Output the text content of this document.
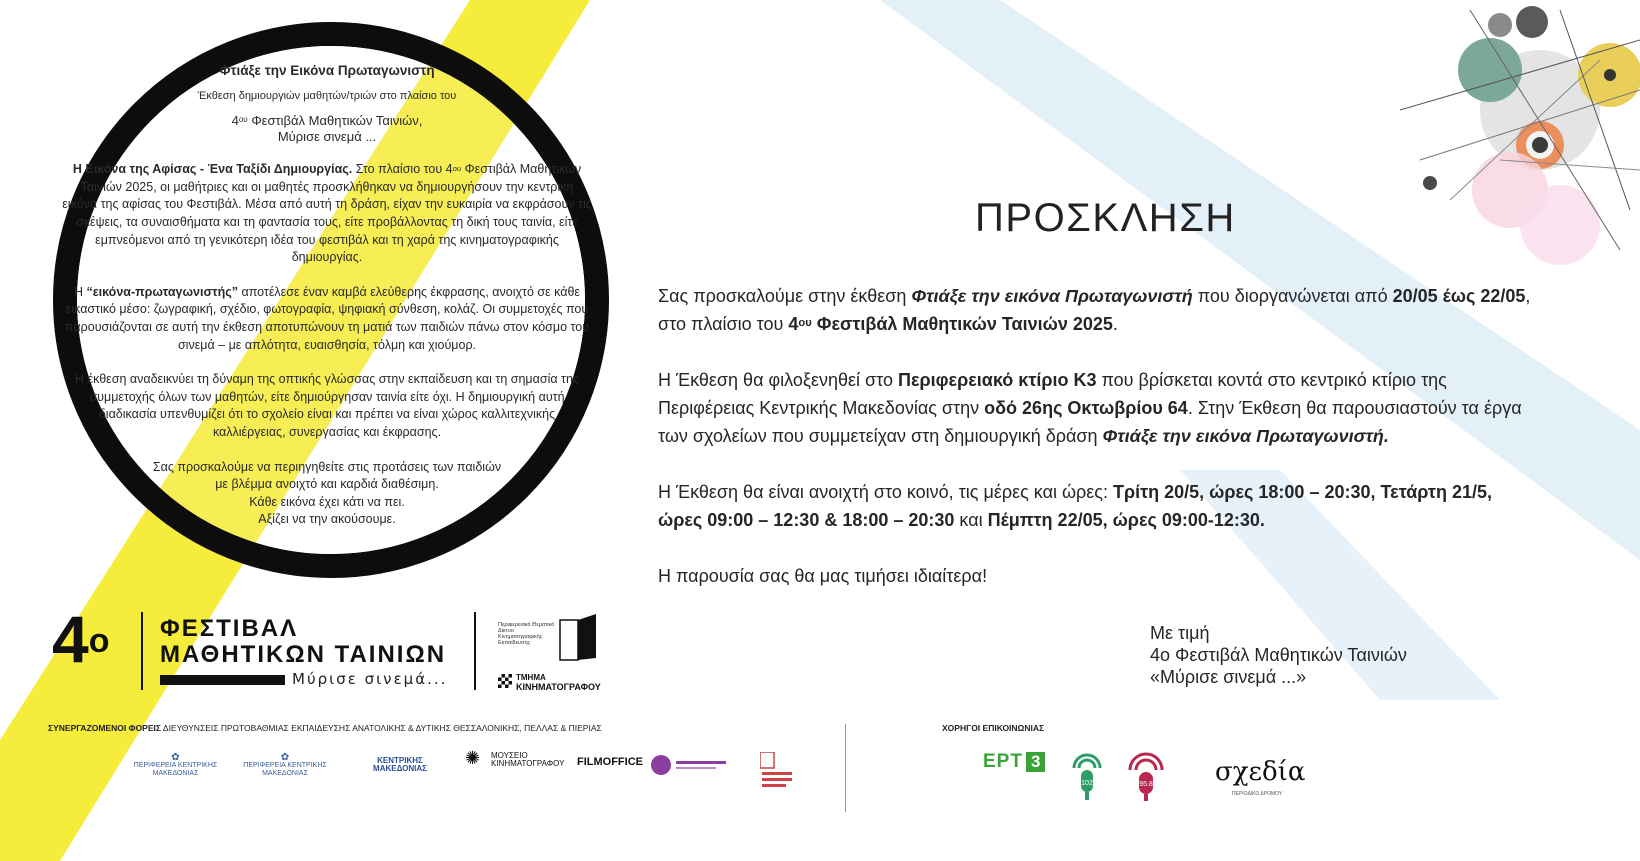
Φτιάξε την Εικόνα Πρωταγωνιστή

Έκθεση δημιουργιών μαθητών/τριών στο πλαίσιο του

$4^{o\upsilon}$ Φεστιβάλ Μαθητικών Ταινιών,
Μύρισε σινεμά ...

Η Εικόνα της Αφίσας - Ένα Ταξίδι Δημιουργίας. Στο πλαίσιο του $4^{o\upsilon}$ Φεστιβάλ Μαθητικών Ταινιών 2025, οι μαθήτριες και οι μαθητές προσκλήθηκαν να δημιουργήσουν την κεντρική εικόνα της αφίσας του Φεστιβάλ. Μέσα από αυτή τη δράση, είχαν την ευκαιρία να εκφράσουν τις σκέψεις, τα συναισθήματα και τη φαντασία τους, είτε προβάλλοντας τη δική τους ταινία, είτε εμπνεόμενοι από τη γενικότερη ιδέα του φεστιβάλ και τη χαρά της κινηματογραφικής δημιουργίας.

Η “εικόνα-πρωταγωνιστής” αποτέλεσε έναν καμβά ελεύθερης έκφρασης, ανοιχτό σε κάθε εικαστικό μέσο: ζωγραφική, σχέδιο, φωτογραφία, ψηφιακή σύνθεση, κολάζ. Οι συμμετοχές που παρουσιάζονται σε αυτή την έκθεση αποτυπώνουν τη ματιά των παιδιών πάνω στον κόσμο του σινεμά – με απλότητα, ευαισθησία, τόλμη και χιούμορ.

Η έκθεση αναδεικνύει τη δύναμη της οπτικής γλώσσας στην εκπαίδευση και τη σημασία της συμμετοχής όλων των μαθητών, είτε δημιούργησαν ταινία είτε όχι. Η δημιουργική αυτή διαδικασία υπενθυμίζει ότι το σχολείο είναι και πρέπει να είναι χώρος καλλιτεχνικής καλλιέργειας, συνεργασίας και έκφρασης.

Σας προσκαλούμε να περιηγηθείτε στις προτάσεις των παιδιών
με βλέμμα ανοιχτό και καρδιά διαθέσιμη.
Κάθε εικόνα έχει κάτι να πει.
Αξίζει να την ακούσουμε.

ΠΡΟΣΚΛΗΣΗ

Σας προσκαλούμε στην έκθεση Φτιάξε την εικόνα Πρωταγωνιστή που διοργανώνεται από 20/05 έως 22/05, στο πλαίσιο του $4^{o\upsilon}$ Φεστιβάλ Μαθητικών Ταινιών 2025.

Η Έκθεση θα φιλοξενηθεί στο Περιφερειακό κτίριο Κ3 που βρίσκεται κοντά στο κεντρικό κτίριο της Περιφέρειας Κεντρικής Μακεδονίας στην οδό 26ης Οκτωβρίου 64. Στην Έκθεση θα παρουσιαστούν τα έργα των σχολείων που συμμετείχαν στη δημιουργική δράση Φτιάξε την εικόνα Πρωταγωνιστή.

Η Έκθεση θα είναι ανοιχτή στο κοινό, τις μέρες και ώρες: Τρίτη 20/5, ώρες 18:00 – 20:30, Τετάρτη 21/5, ώρες 09:00 – 12:30 & 18:00 – 20:30 και Πέμπτη 22/05, ώρες 09:00-12:30.

Η παρουσία σας θα μας τιμήσει ιδιαίτερα!

Με τιμή
4ο Φεστιβάλ Μαθητικών Ταινιών
«Μύρισε σινεμά ...»
$4^o$ ΦΕΣΤΙΒΑΛ
ΜΑΘΗΤΙΚΩΝ ΤΑΙΝΙΩΝ
Μύρισε σινεμά...
Περιφερειακό Θεματικό Δίκτυο Κινηματογραφικής Εκπαίδευσης
ΤΜΗΜΑ
ΚΙΝΗΜΑΤΟΓΡΑΦΟΥ
ΣΥΝΕΡΓΑΖΟΜΕΝΟΙ ΦΟΡΕΙΣ ΔΙΕΥΘΥΝΣΕΙΣ ΠΡΩΤΟΒΑΘΜΙΑΣ ΕΚΠΑΙΔΕΥΣΗΣ ΑΝΑΤΟΛΙΚΗΣ & ΔΥΤΙΚΗΣ ΘΕΣΣΑΛΟΝΙΚΗΣ, ΠΕΛΛΑΣ & ΠΙΕΡΙΑΣ	ΧΟΡΗΓΟΙ ΕΠΙΚΟΙΝΩΝΙΑΣ
✿
ΠΕΡΙΦΕΡΕΙΑ ΚΕΝΤΡΙΚΗΣ ΜΑΚΕΔΟΝΙΑΣ
✿
ΠΕΡΙΦΕΡΕΙΑ ΚΕΝΤΡΙΚΗΣ ΜΑΚΕΔΟΝΙΑΣ
ΚΕΝΤΡΙΚΗΣ ΜΑΚΕΔΟΝΙΑΣ
✺	ΜΟΥΣΕΙΟ
ΚΙΝΗΜΑΤΟΓΡΑΦΟΥ FILMOFFICE	ΕΡΤ 3
102	95.8 σχεδία
ΠΕΡΙΟΔΙΚΟ ΔΡΟΜΟΥ
